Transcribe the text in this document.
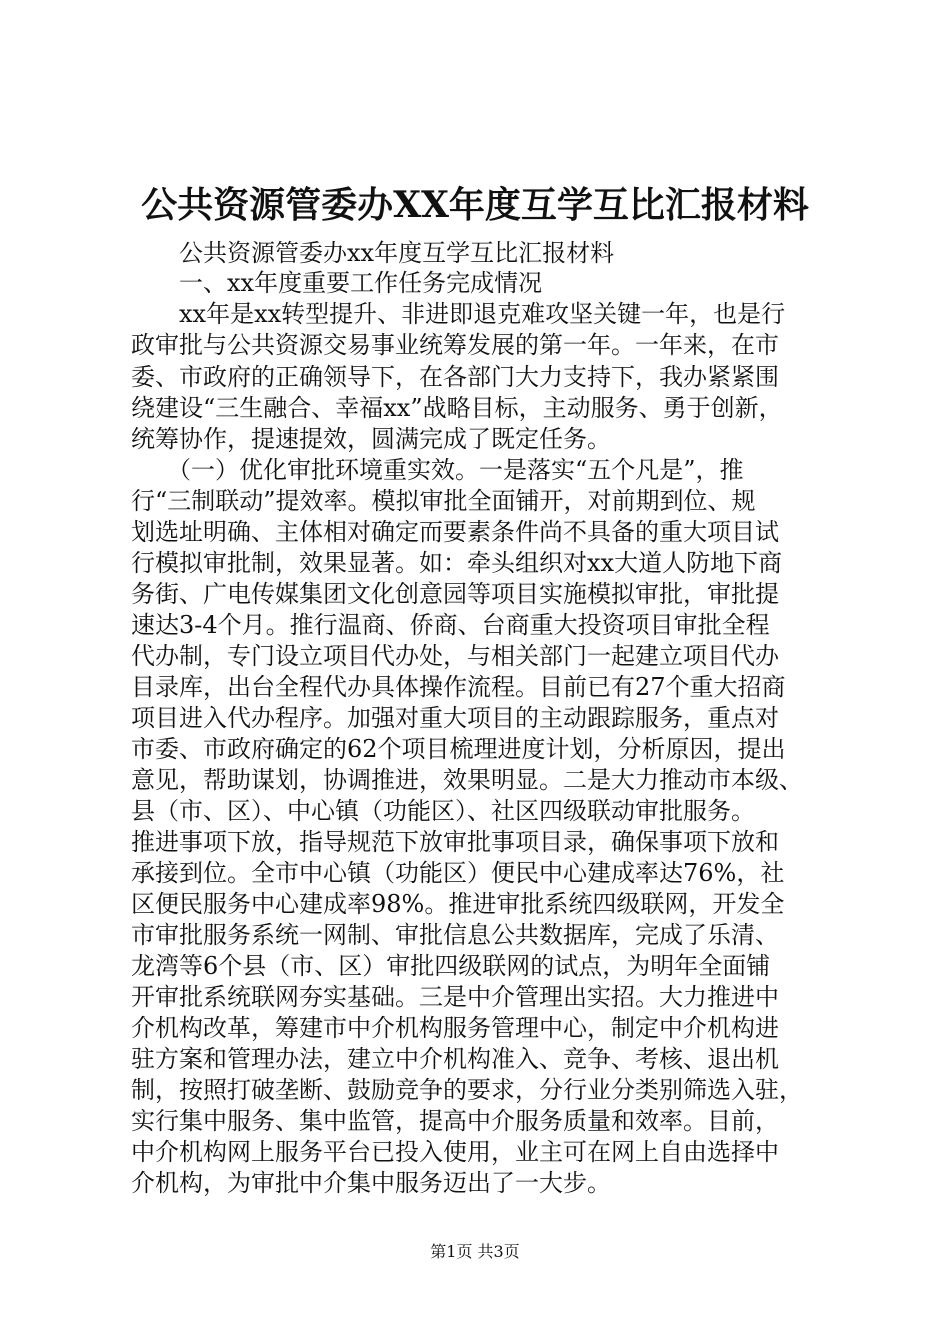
公共资源管委办XX年度互学互比汇报材料
　　公共资源管委办xx年度互学互比汇报材料
　　一、xx年度重要工作任务完成情况
　　xx年是xx转型提升、非进即退克难攻坚关键一年，也是行
政审批与公共资源交易事业统筹发展的第一年。一年来，在市
委、市政府的正确领导下，在各部门大力支持下，我办紧紧围
绕建设“三生融合、幸福xx”战略目标，主动服务、勇于创新，
统筹协作，提速提效，圆满完成了既定任务。
　　（一）优化审批环境重实效。一是落实“五个凡是”，推
行“三制联动”提效率。模拟审批全面铺开，对前期到位、规
划选址明确、主体相对确定而要素条件尚不具备的重大项目试
行模拟审批制，效果显著。如：牵头组织对xx大道人防地下商
务街、广电传媒集团文化创意园等项目实施模拟审批，审批提
速达3-4个月。推行温商、侨商、台商重大投资项目审批全程
代办制，专门设立项目代办处，与相关部门一起建立项目代办
目录库，出台全程代办具体操作流程。目前已有27个重大招商
项目进入代办程序。加强对重大项目的主动跟踪服务，重点对
市委、市政府确定的62个项目梳理进度计划，分析原因，提出
意见，帮助谋划，协调推进，效果明显。二是大力推动市本级、
县（市、区）、中心镇（功能区）、社区四级联动审批服务。
推进事项下放，指导规范下放审批事项目录，确保事项下放和
承接到位。全市中心镇（功能区）便民中心建成率达76%，社
区便民服务中心建成率98%。推进审批系统四级联网，开发全
市审批服务系统一网制、审批信息公共数据库，完成了乐清、
龙湾等6个县（市、区）审批四级联网的试点，为明年全面铺
开审批系统联网夯实基础。三是中介管理出实招。大力推进中
介机构改革，筹建市中介机构服务管理中心，制定中介机构进
驻方案和管理办法，建立中介机构准入、竞争、考核、退出机
制，按照打破垄断、鼓励竞争的要求，分行业分类别筛选入驻，
实行集中服务、集中监管，提高中介服务质量和效率。目前，
中介机构网上服务平台已投入使用，业主可在网上自由选择中
介机构，为审批中介集中服务迈出了一大步。
第1页 共3页
